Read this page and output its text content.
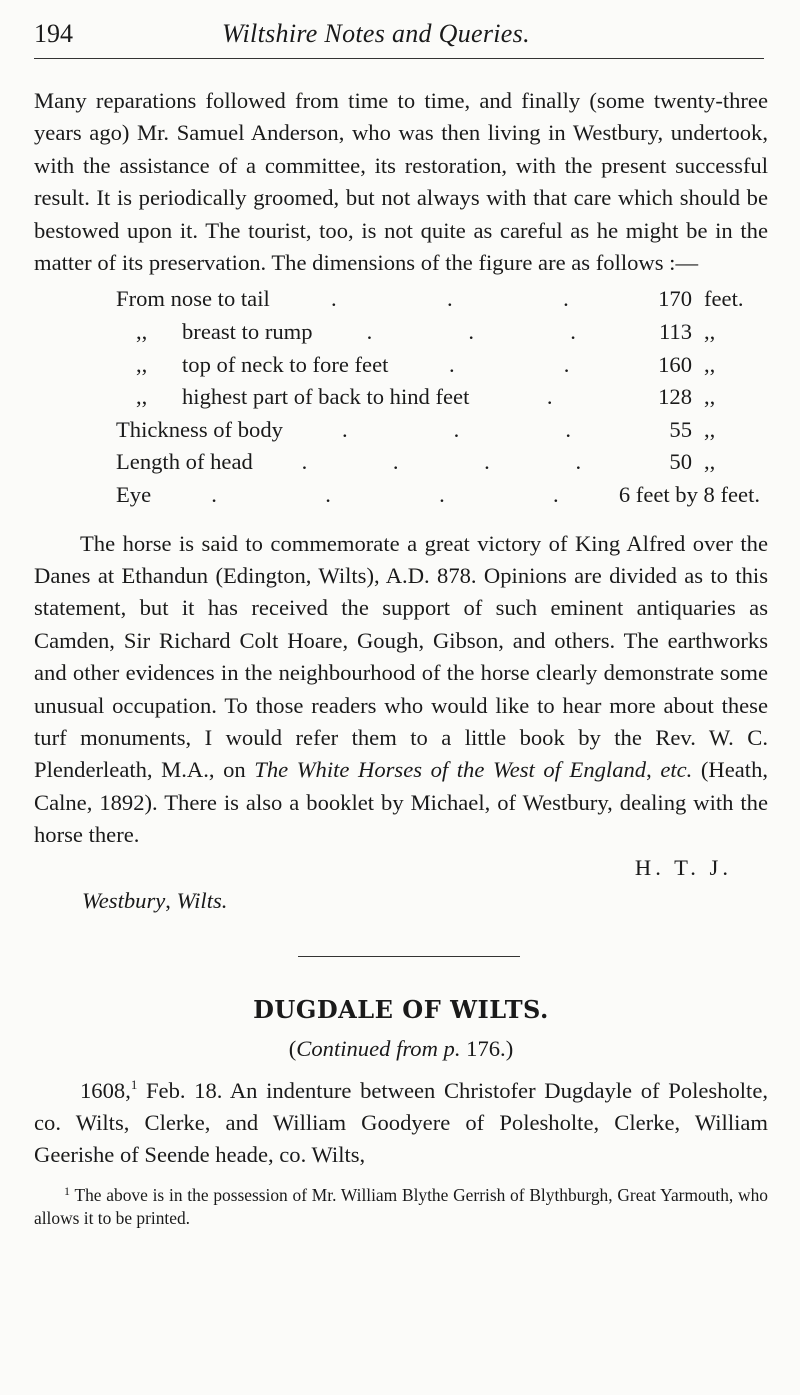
194	Wiltshire Notes and Queries.

Many reparations followed from time to time, and finally (some twenty-three years ago) Mr. Samuel Anderson, who was then living in Westbury, undertook, with the assistance of a committee, its restoration, with the present successful result. It is periodically groomed, but not always with that care which should be bestowed upon it. The tourist, too, is not quite as careful as he might be in the matter of its preservation. The dimensions of the figure are as follows :—

From nose to tail	.	.	.	170 feet.
,, breast to rump .	.	.	113 ,,
,, top of neck to fore feet	.	.	160 ,,
,, highest part of back to hind feet	.	128 ,,
Thickness of body	.	.	.	55 ,,
Length of head .	.	.	.	50 ,,
Eye	.	.	.	.	6 feet by 8 feet.

The horse is said to commemorate a great victory of King Alfred over the Danes at Ethandun (Edington, Wilts), A.D. 878. Opinions are divided as to this statement, but it has received the support of such eminent antiquaries as Camden, Sir Richard Colt Hoare, Gough, Gibson, and others. The earthworks and other evidences in the neighbourhood of the horse clearly demonstrate some unusual occupation. To those readers who would like to hear more about these turf monuments, I would refer them to a little book by the Rev. W. C. Plenderleath, M.A., on The White Horses of the West of England, etc. (Heath, Calne, 1892). There is also a booklet by Michael, of Westbury, dealing with the horse there.

H. T. J.
Westbury, Wilts.
DUGDALE OF WILTS.
(Continued from p. 176.)

1608,$^1$ Feb. 18. An indenture between Christofer Dugdayle of Polesholte, co. Wilts, Clerke, and William Goodyere of Polesholte, Clerke, William Geerishe of Seende heade, co. Wilts,

$^1$ The above is in the possession of Mr. William Blythe Gerrish of Blythburgh, Great Yarmouth, who allows it to be printed.
